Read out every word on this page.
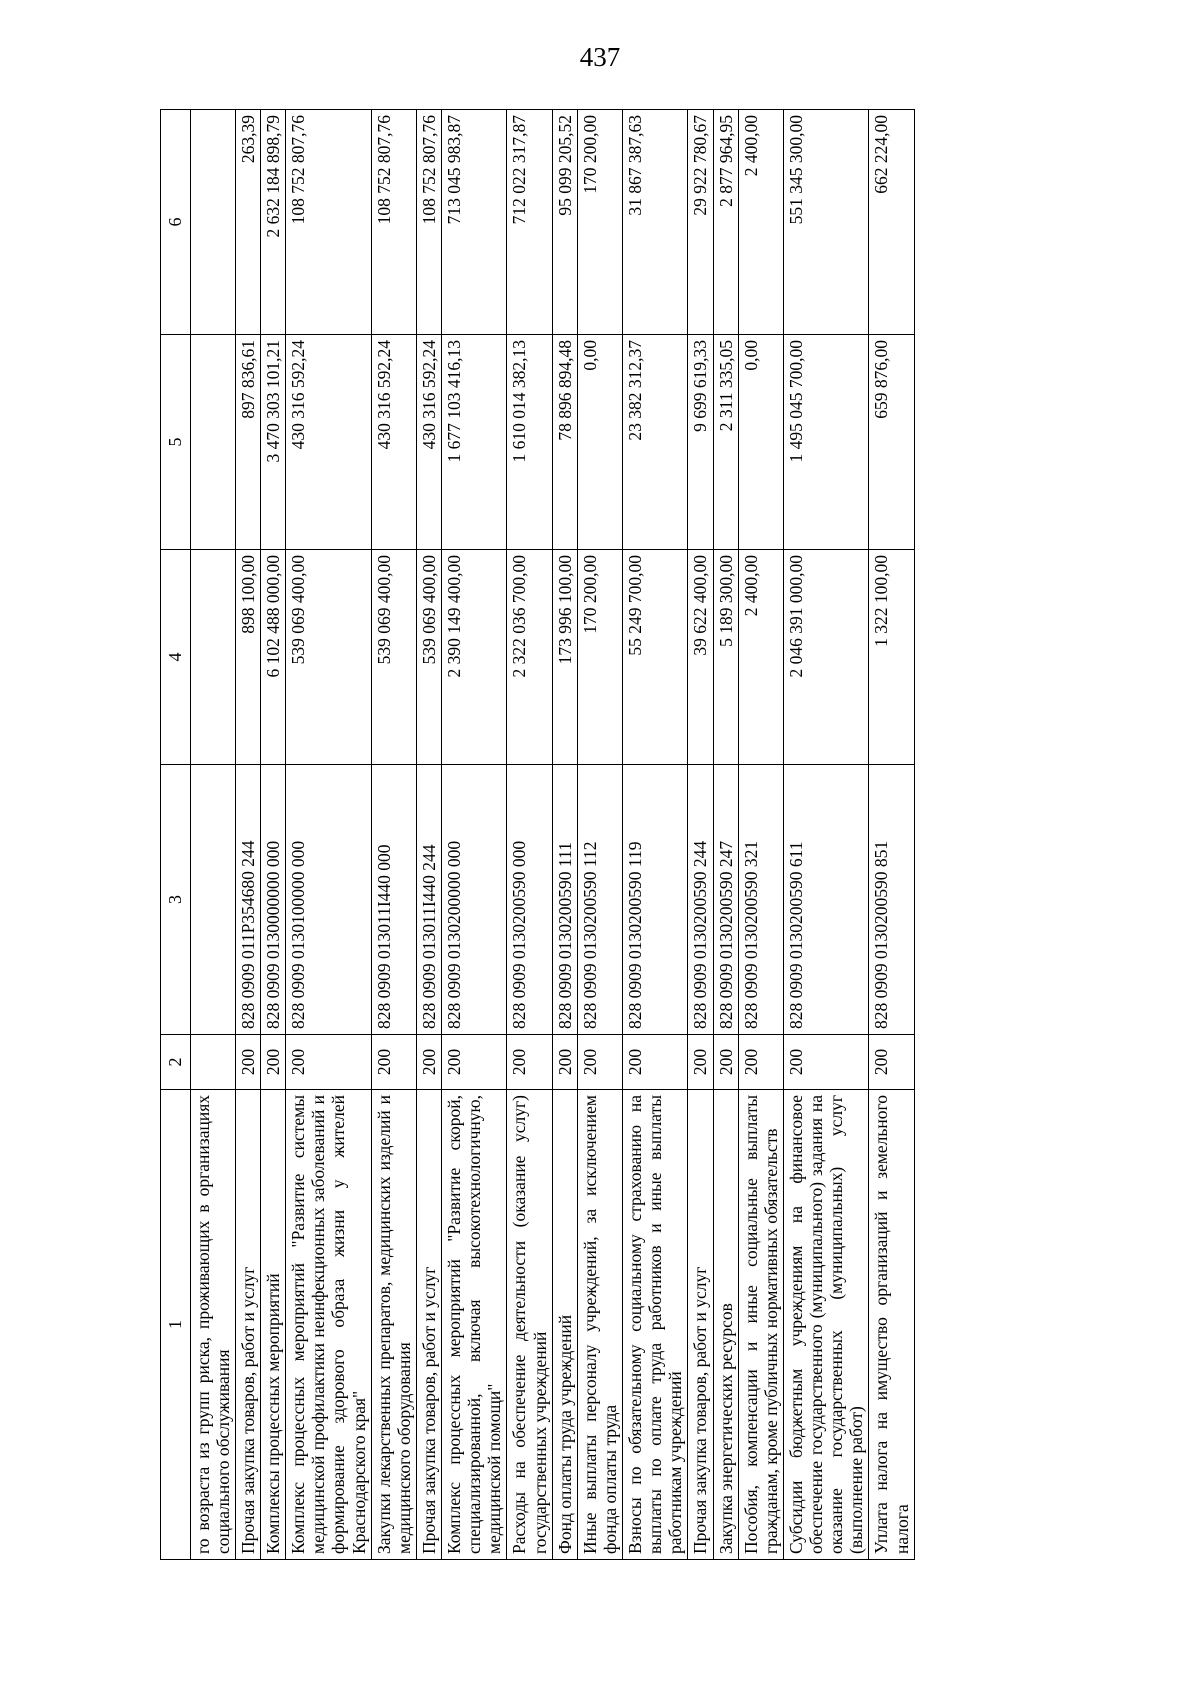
437
1	2	3	4	5	6
го возраста из групп риска, проживающих в организациях социального обслуживания					
Прочая закупка товаров, работ и услуг	200	828 0909 011P354680 244	898 100,00	897 836,61	263,39
Комплексы процессных мероприятий	200	828 0909 0130000000 000	6 102 488 000,00	3 470 303 101,21	2 632 184 898,79
Комплекс процессных мероприятий "Развитие системы медицинской профилактики неинфекционных заболеваний и формирование здорового образа жизни у жителей Краснодарского края"	200	828 0909 0130100000 000	539 069 400,00	430 316 592,24	108 752 807,76
Закупки лекарственных препаратов, медицинских изделий и медицинского оборудования	200	828 0909 013011I440 000	539 069 400,00	430 316 592,24	108 752 807,76
Прочая закупка товаров, работ и услуг	200	828 0909 013011I440 244	539 069 400,00	430 316 592,24	108 752 807,76
Комплекс процессных мероприятий "Развитие скорой, специализированной, включая высокотехнологичную, медицинской помощи"	200	828 0909 0130200000 000	2 390 149 400,00	1 677 103 416,13	713 045 983,87
Расходы на обеспечение деятельности (оказание услуг) государственных учреждений	200	828 0909 0130200590 000	2 322 036 700,00	1 610 014 382,13	712 022 317,87
Фонд оплаты труда учреждений	200	828 0909 0130200590 111	173 996 100,00	78 896 894,48	95 099 205,52
Иные выплаты персоналу учреждений, за исключением фонда оплаты труда	200	828 0909 0130200590 112	170 200,00	0,00	170 200,00
Взносы по обязательному социальному страхованию на выплаты по оплате труда работников и иные выплаты работникам учреждений	200	828 0909 0130200590 119	55 249 700,00	23 382 312,37	31 867 387,63
Прочая закупка товаров, работ и услуг	200	828 0909 0130200590 244	39 622 400,00	9 699 619,33	29 922 780,67
Закупка энергетических ресурсов	200	828 0909 0130200590 247	5 189 300,00	2 311 335,05	2 877 964,95
Пособия, компенсации и иные социальные выплаты гражданам, кроме публичных нормативных обязательств	200	828 0909 0130200590 321	2 400,00	0,00	2 400,00
Субсидии бюджетным учреждениям на финансовое обеспечение государственного (муниципального) задания на оказание государственных (муниципальных) услуг (выполнение работ)	200	828 0909 0130200590 611	2 046 391 000,00	1 495 045 700,00	551 345 300,00
Уплата налога на имущество организаций и земельного налога	200	828 0909 0130200590 851	1 322 100,00	659 876,00	662 224,00
